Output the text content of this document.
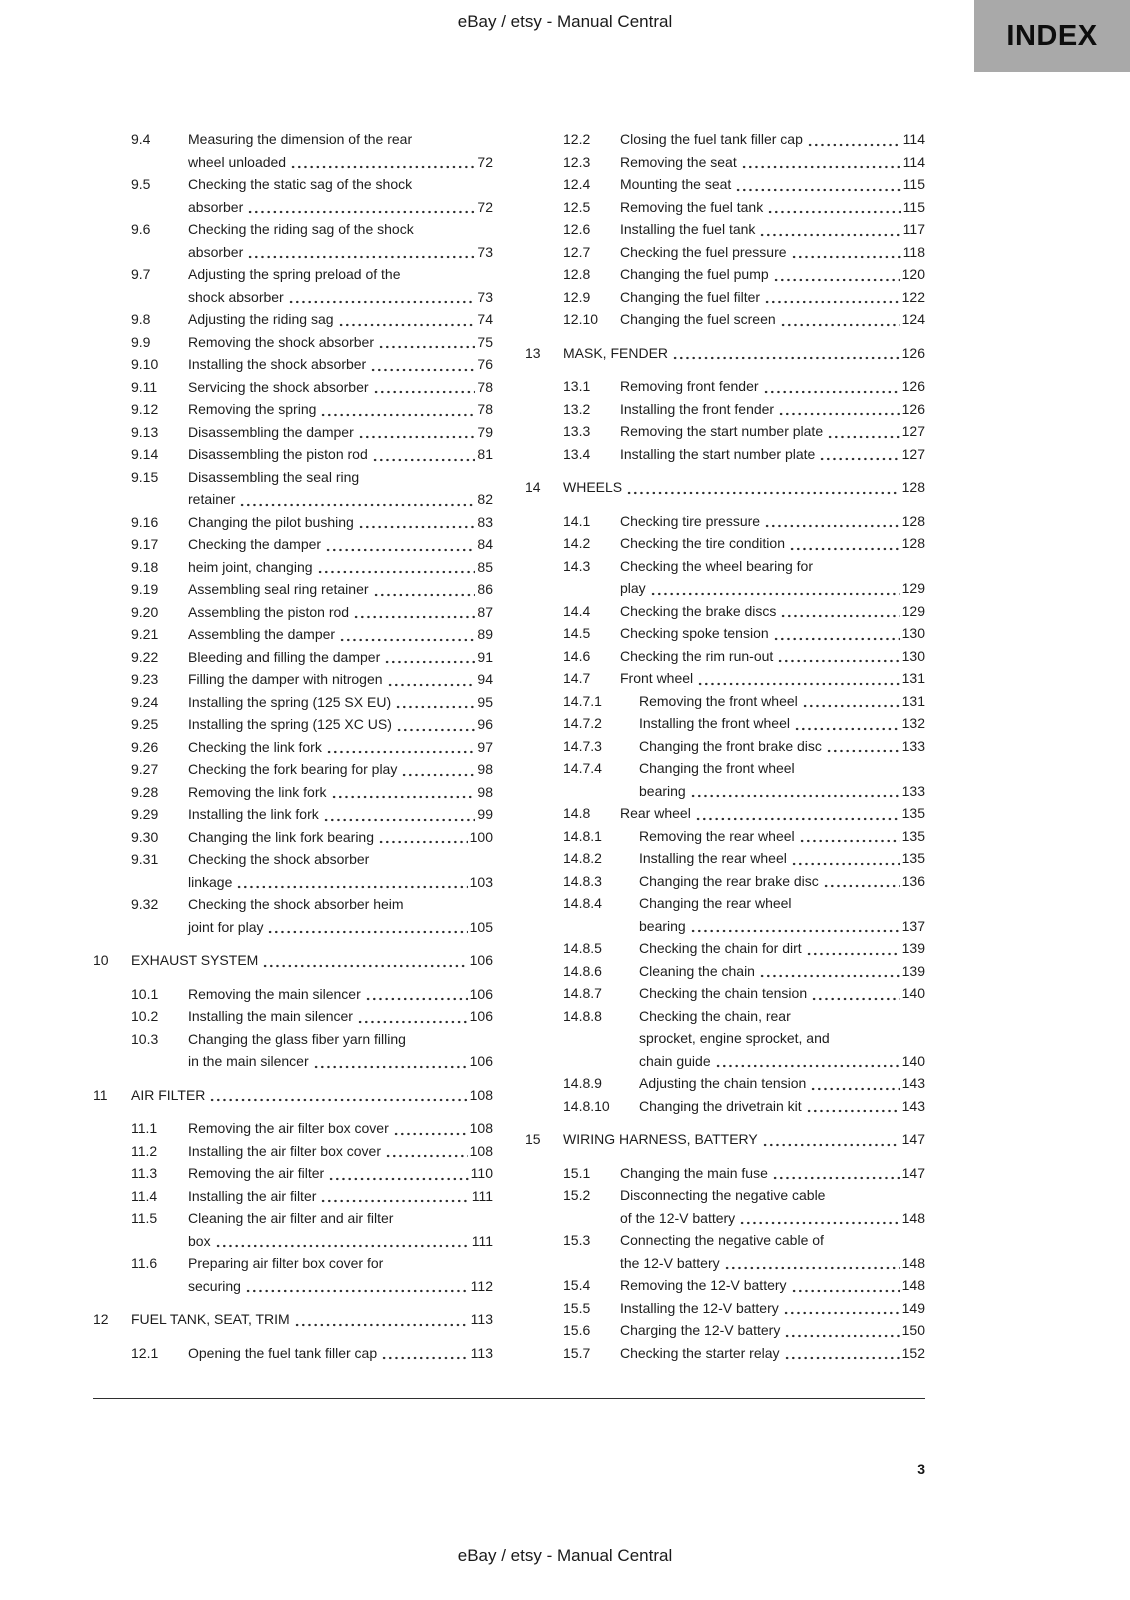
eBay / etsy - Manual Central	INDEX
9.4	Measuring the dimension of the rear
wheel unloaded	72
9.5	Checking the static sag of the shock
absorber	72
9.6	Checking the riding sag of the shock
absorber	73
9.7	Adjusting the spring preload of the
shock absorber	73
9.8	Adjusting the riding sag	74
9.9	Removing the shock absorber	75
9.10	Installing the shock absorber	76
9.11	Servicing the shock absorber	78
9.12	Removing the spring	78
9.13	Disassembling the damper	79
9.14	Disassembling the piston rod	81
9.15	Disassembling the seal ring
retainer	82
9.16	Changing the pilot bushing	83
9.17	Checking the damper	84
9.18	heim joint, changing	85
9.19	Assembling seal ring retainer	86
9.20	Assembling the piston rod	87
9.21	Assembling the damper	89
9.22	Bleeding and filling the damper	91
9.23	Filling the damper with nitrogen	94
9.24	Installing the spring (125 SX EU)	95
9.25	Installing the spring (125 XC US)	96
9.26	Checking the link fork	97
9.27	Checking the fork bearing for play	98
9.28	Removing the link fork	98
9.29	Installing the link fork	99
9.30	Changing the link fork bearing	100
9.31	Checking the shock absorber
linkage	103
9.32	Checking the shock absorber heim
joint for play	105
10	EXHAUST SYSTEM	106
10.1	Removing the main silencer	106
10.2	Installing the main silencer	106
10.3	Changing the glass fiber yarn filling
in the main silencer	106
11	AIR FILTER	108
11.1	Removing the air filter box cover	108
11.2	Installing the air filter box cover	108
11.3	Removing the air filter	110
11.4	Installing the air filter	111
11.5	Cleaning the air filter and air filter
box	111
11.6	Preparing air filter box cover for
securing	112
12	FUEL TANK, SEAT, TRIM	113
12.1	Opening the fuel tank filler cap	113
12.2	Closing the fuel tank filler cap	114
12.3	Removing the seat	114
12.4	Mounting the seat	115
12.5	Removing the fuel tank	115
12.6	Installing the fuel tank	117
12.7	Checking the fuel pressure	118
12.8	Changing the fuel pump	120
12.9	Changing the fuel filter	122
12.10	Changing the fuel screen	124
13	MASK, FENDER	126
13.1	Removing front fender	126
13.2	Installing the front fender	126
13.3	Removing the start number plate	127
13.4	Installing the start number plate	127
14	WHEELS	128
14.1	Checking tire pressure	128
14.2	Checking the tire condition	128
14.3	Checking the wheel bearing for
play	129
14.4	Checking the brake discs	129
14.5	Checking spoke tension	130
14.6	Checking the rim run-out	130
14.7	Front wheel	131
14.7.1	Removing the front wheel	131
14.7.2	Installing the front wheel	132
14.7.3	Changing the front brake disc	133
14.7.4	Changing the front wheel
bearing	133
14.8	Rear wheel	135
14.8.1	Removing the rear wheel	135
14.8.2	Installing the rear wheel	135
14.8.3	Changing the rear brake disc	136
14.8.4	Changing the rear wheel
bearing	137
14.8.5	Checking the chain for dirt	139
14.8.6	Cleaning the chain	139
14.8.7	Checking the chain tension	140
14.8.8	Checking the chain, rear
sprocket, engine sprocket, and
chain guide	140
14.8.9	Adjusting the chain tension	143
14.8.10	Changing the drivetrain kit	143
15	WIRING HARNESS, BATTERY	147
15.1	Changing the main fuse	147
15.2	Disconnecting the negative cable
of the 12-V battery	148
15.3	Connecting the negative cable of
the 12-V battery	148
15.4	Removing the 12-V battery	148
15.5	Installing the 12-V battery	149
15.6	Charging the 12-V battery	150
15.7	Checking the starter relay	152
3
eBay / etsy - Manual Central
